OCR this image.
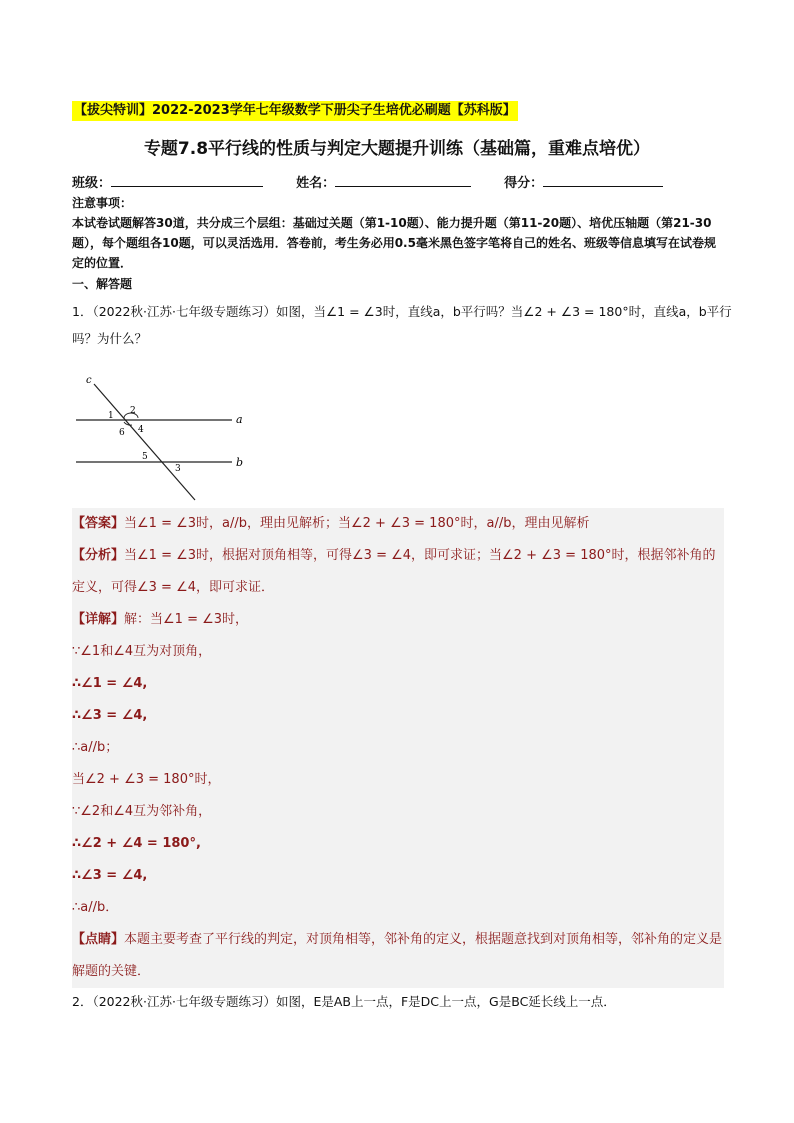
【拔尖特训】2022-2023学年七年级数学下册尖子生培优必刷题【苏科版】
专题7.8平行线的性质与判定大题提升训练（基础篇，重难点培优）
班级：	姓名：	得分：
注意事项：
本试卷试题解答30道，共分成三个层组：基础过关题（第1-10题）、能力提升题（第11-20题）、培优压轴题（第21-30题），每个题组各10题，可以灵活选用．答卷前，考生务必用0.5毫米黑色签字笔将自己的姓名、班级等信息填写在试卷规定的位置．
一、解答题
1．（2022秋·江苏·七年级专题练习）如图，当∠1 = ∠3时，直线a，b平行吗？当∠2 + ∠3 = 180°时，直线a，b平行吗？为什么？
c
1 2
6 4
a
5
3	b
【答案】当∠1 = ∠3时，a//b，理由见解析；当∠2 + ∠3 = 180°时，a//b，理由见解析
【分析】当∠1 = ∠3时，根据对顶角相等，可得∠3 = ∠4，即可求证；当∠2 + ∠3 = 180°时，根据邻补角的定义，可得∠3 = ∠4，即可求证．
【详解】解：当∠1 = ∠3时，
∵∠1和∠4互为对顶角，
∴∠1 = ∠4,
∴∠3 = ∠4,
∴a//b；
当∠2 + ∠3 = 180°时，
∵∠2和∠4互为邻补角，
∴∠2 + ∠4 = 180°,
∴∠3 = ∠4,
∴a//b．
【点睛】本题主要考查了平行线的判定，对顶角相等，邻补角的定义，根据题意找到对顶角相等，邻补角的定义是解题的关键．
2．（2022秋·江苏·七年级专题练习）如图，E是AB上一点，F是DC上一点，G是BC延长线上一点．
